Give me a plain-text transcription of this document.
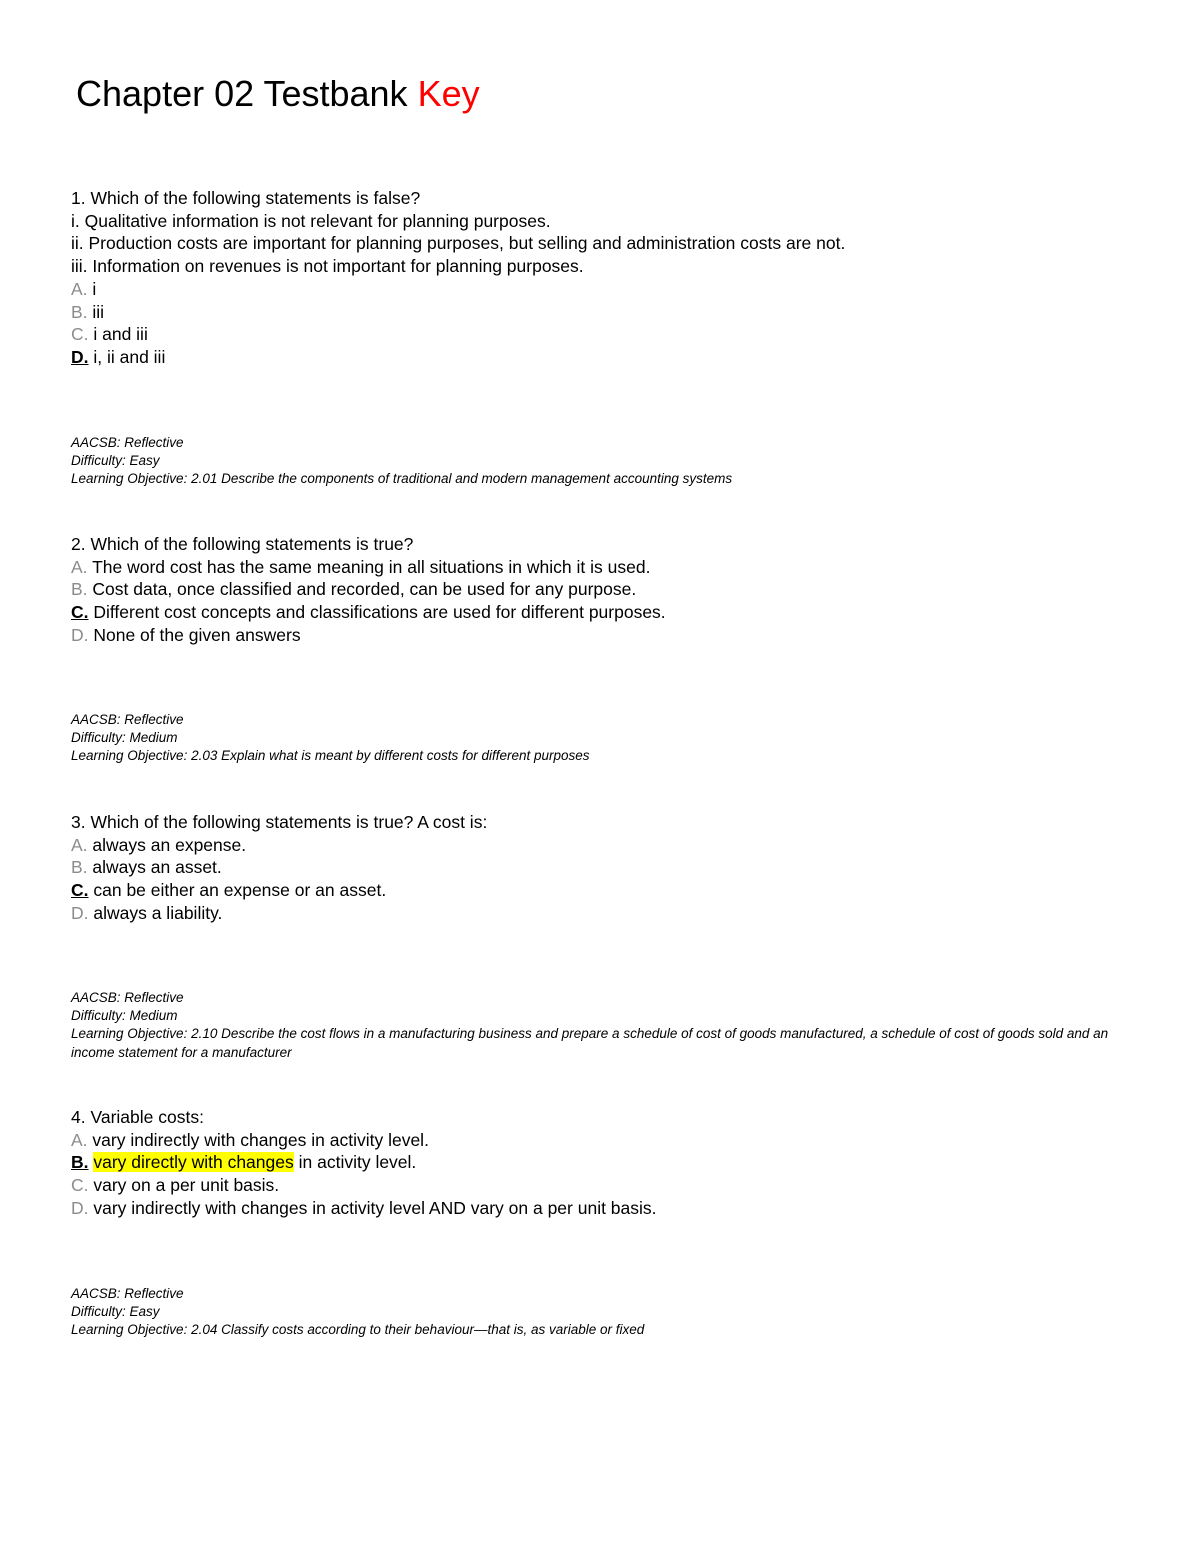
Chapter 02 Testbank Key
1. Which of the following statements is false?
i. Qualitative information is not relevant for planning purposes.
ii. Production costs are important for planning purposes, but selling and administration costs are not.
iii. Information on revenues is not important for planning purposes.
A. i
B. iii
C. i and iii
D. i, ii and iii
AACSB: Reflective
Difficulty: Easy
Learning Objective: 2.01 Describe the components of traditional and modern management accounting systems
2. Which of the following statements is true?
A. The word cost has the same meaning in all situations in which it is used.
B. Cost data, once classified and recorded, can be used for any purpose.
C. Different cost concepts and classifications are used for different purposes.
D. None of the given answers
AACSB: Reflective
Difficulty: Medium
Learning Objective: 2.03 Explain what is meant by different costs for different purposes
3. Which of the following statements is true? A cost is:
A. always an expense.
B. always an asset.
C. can be either an expense or an asset.
D. always a liability.
AACSB: Reflective
Difficulty: Medium
Learning Objective: 2.10 Describe the cost flows in a manufacturing business and prepare a schedule of cost of goods manufactured, a schedule of cost of goods sold and an income statement for a manufacturer
4. Variable costs:
A. vary indirectly with changes in activity level.
B. vary directly with changes in activity level.
C. vary on a per unit basis.
D. vary indirectly with changes in activity level AND vary on a per unit basis.
AACSB: Reflective
Difficulty: Easy
Learning Objective: 2.04 Classify costs according to their behaviour—that is, as variable or fixed
